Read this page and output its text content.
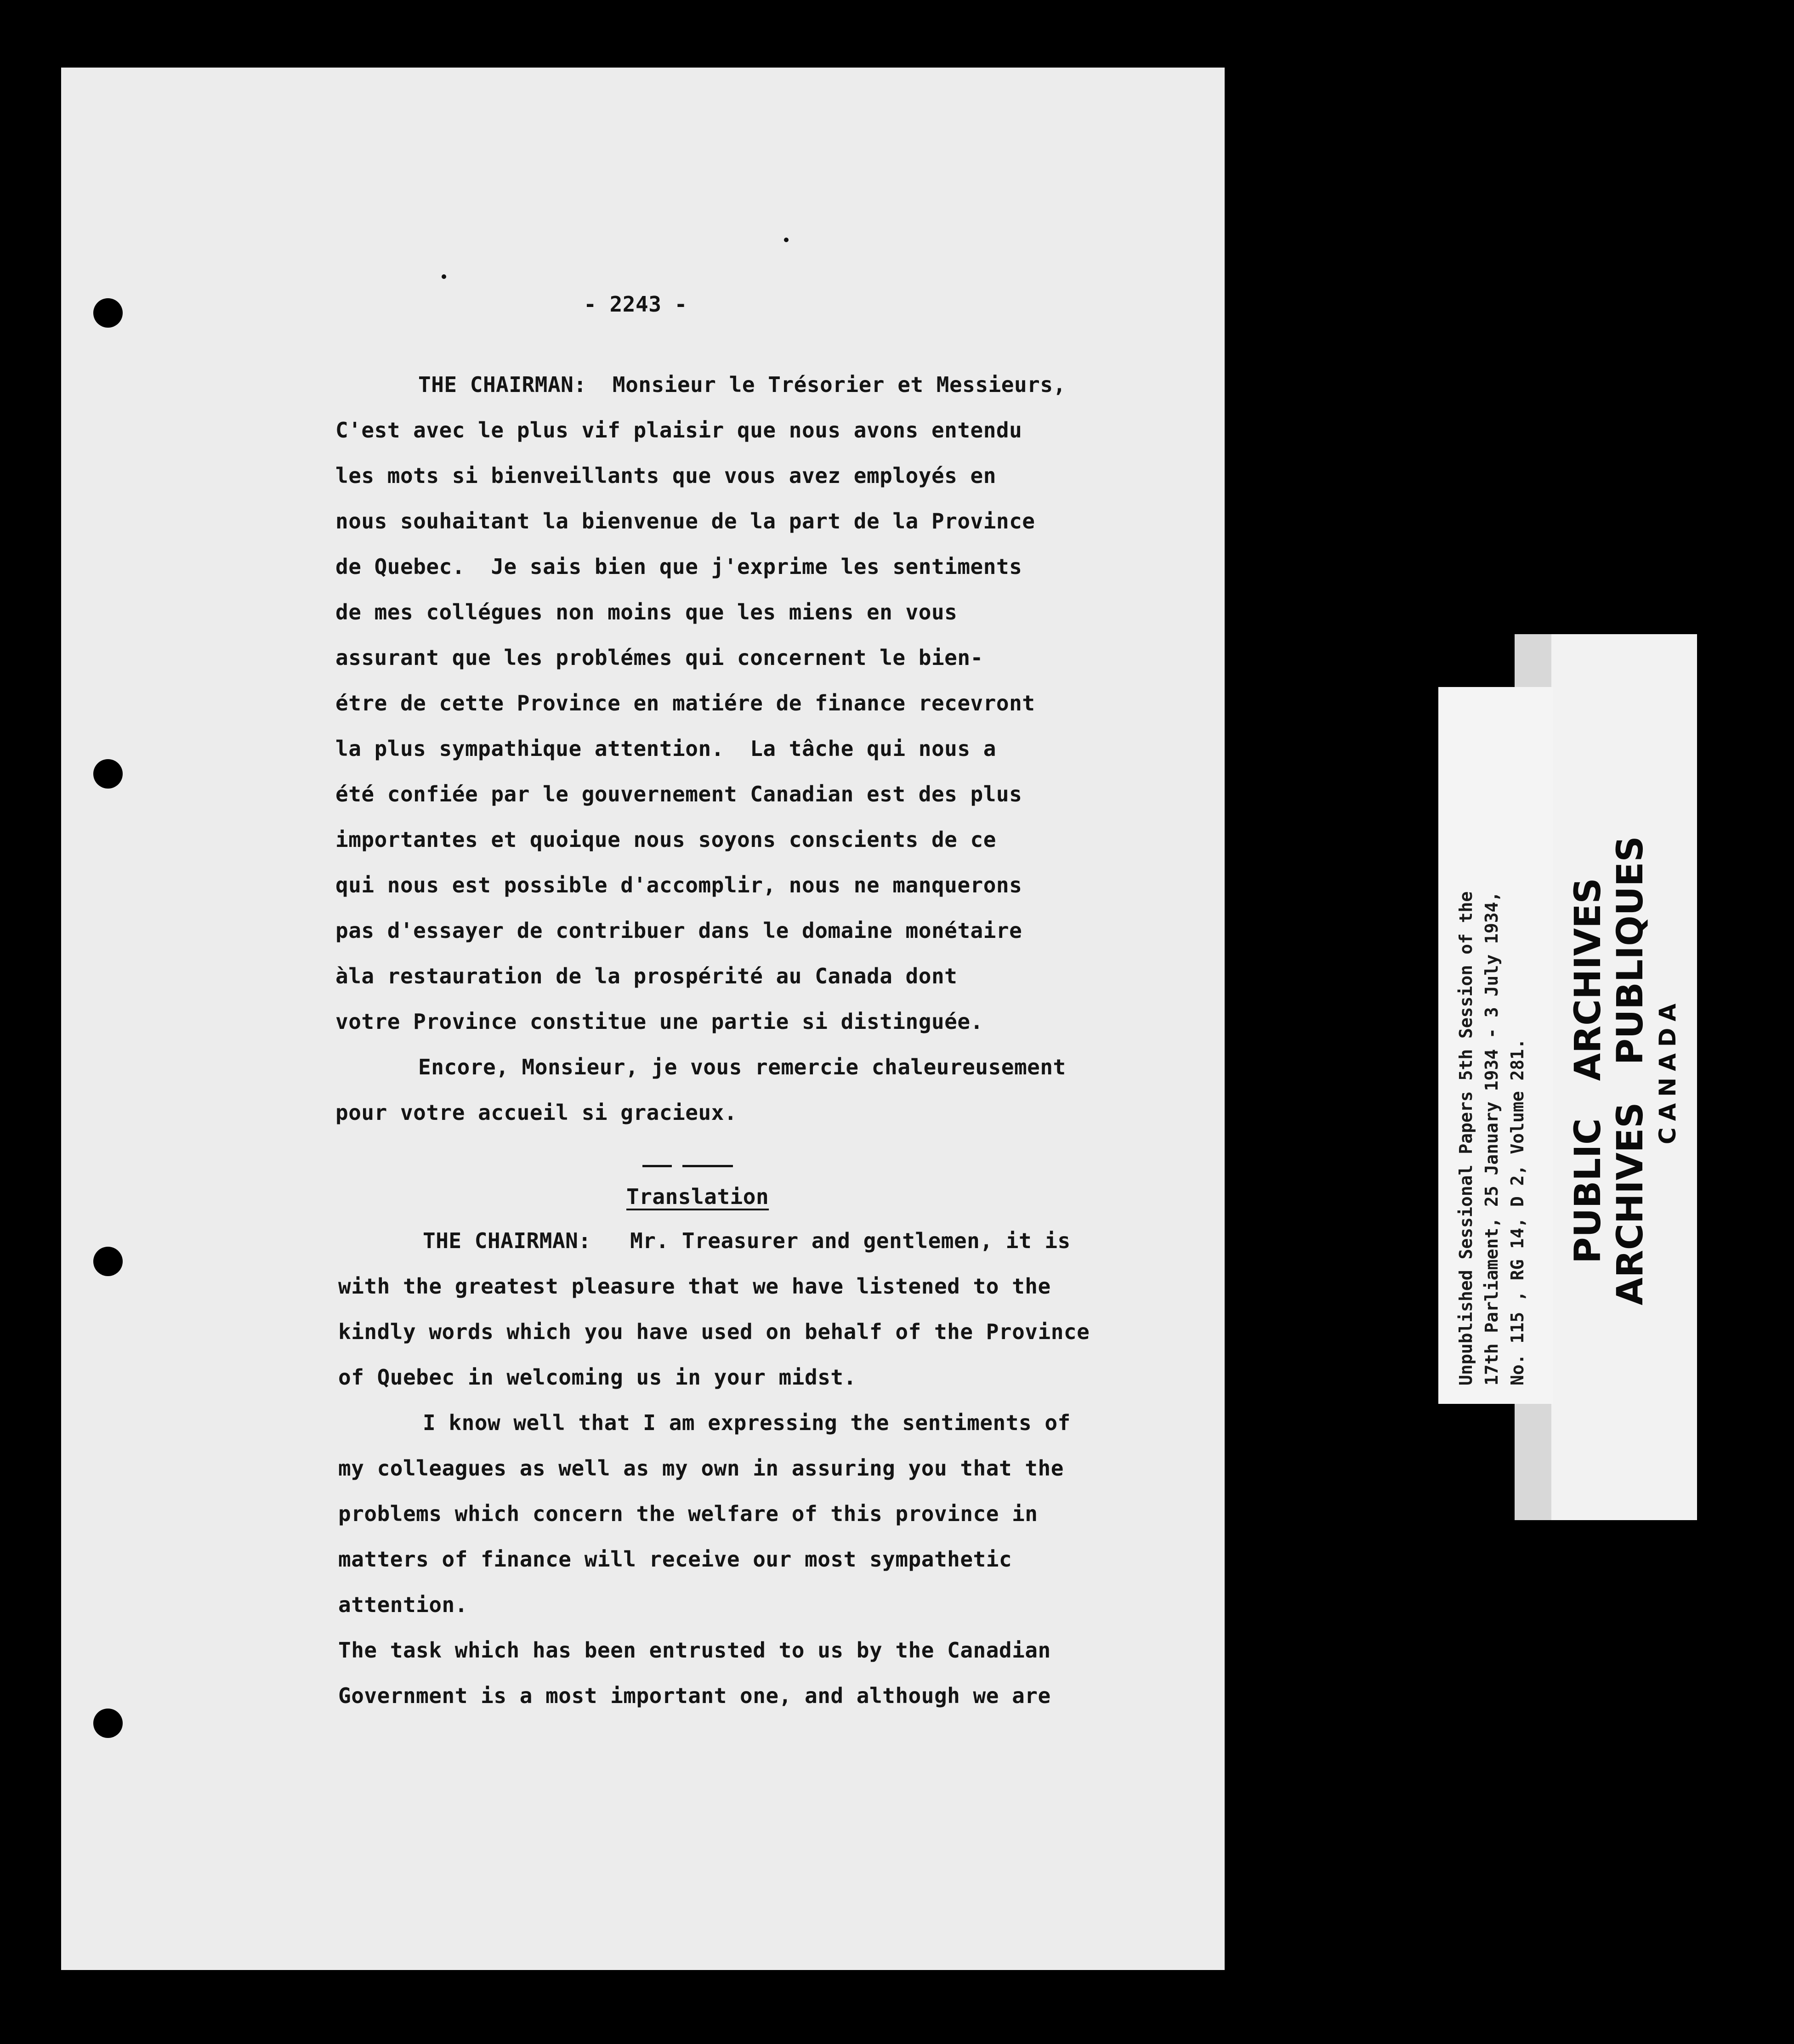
- 2243 -
THE CHAIRMAN:  Monsieur le Trésorier et Messieurs,
C'est avec le plus vif plaisir que nous avons entendu
les mots si bienveillants que vous avez employés en
nous souhaitant la bienvenue de la part de la Province
de Quebec.  Je sais bien que j'exprime les sentiments
de mes collégues non moins que les miens en vous
assurant que les problémes qui concernent le bien-
étre de cette Province en matiére de finance recevront
la plus sympathique attention.  La tâche qui nous a
été confiée par le gouvernement Canadian est des plus
importantes et quoique nous soyons conscients de ce
qui nous est possible d'accomplir, nous ne manquerons
pas d'essayer de contribuer dans le domaine monétaire
àla restauration de la prospérité au Canada dont
votre Province constitue une partie si distinguée.
Encore, Monsieur, je vous remercie chaleureusement
pour votre accueil si gracieux.
Translation
THE CHAIRMAN:   Mr. Treasurer and gentlemen, it is
with the greatest pleasure that we have listened to the
kindly words which you have used on behalf of the Province
of Quebec in welcoming us in your midst.
I know well that I am expressing the sentiments of
my colleagues as well as my own in assuring you that the
problems which concern the welfare of this province in
matters of finance will receive our most sympathetic
attention.
The task which has been entrusted to us by the Canadian
Government is a most important one, and although we are
Unpublished Sessional Papers 5th Session of the 17th Parliament, 25 January 1934 - 3 July 1934, No. 115 , RG 14, D 2, Volume 281. PUBLIC   ARCHIVES ARCHIVES   PUBLIQUES CANADA
